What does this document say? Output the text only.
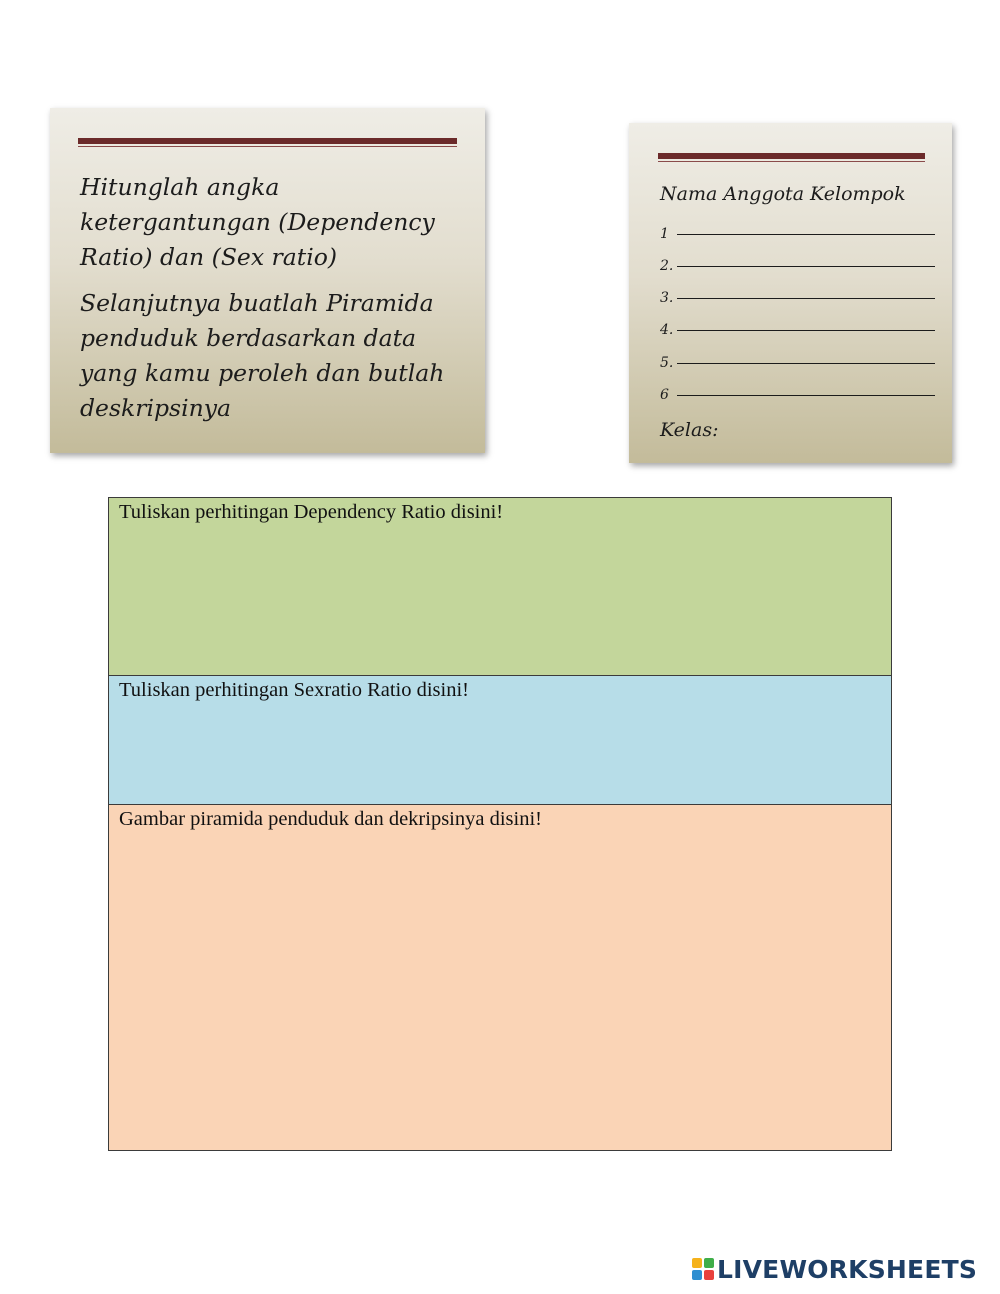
Hitunglah angka ketergantungan (Dependency Ratio) dan (Sex ratio)

Selanjutnya buatlah Piramida penduduk berdasarkan data yang kamu peroleh dan butlah deskripsinya

Nama Anggota Kelompok

1
2.
3.
4.
5.
6

Kelas:

Tuliskan perhitingan Dependency Ratio disini!

Tuliskan perhitingan Sexratio Ratio disini!

Gambar piramida penduduk dan dekripsinya disini!

LIVEWORKSHEETS
